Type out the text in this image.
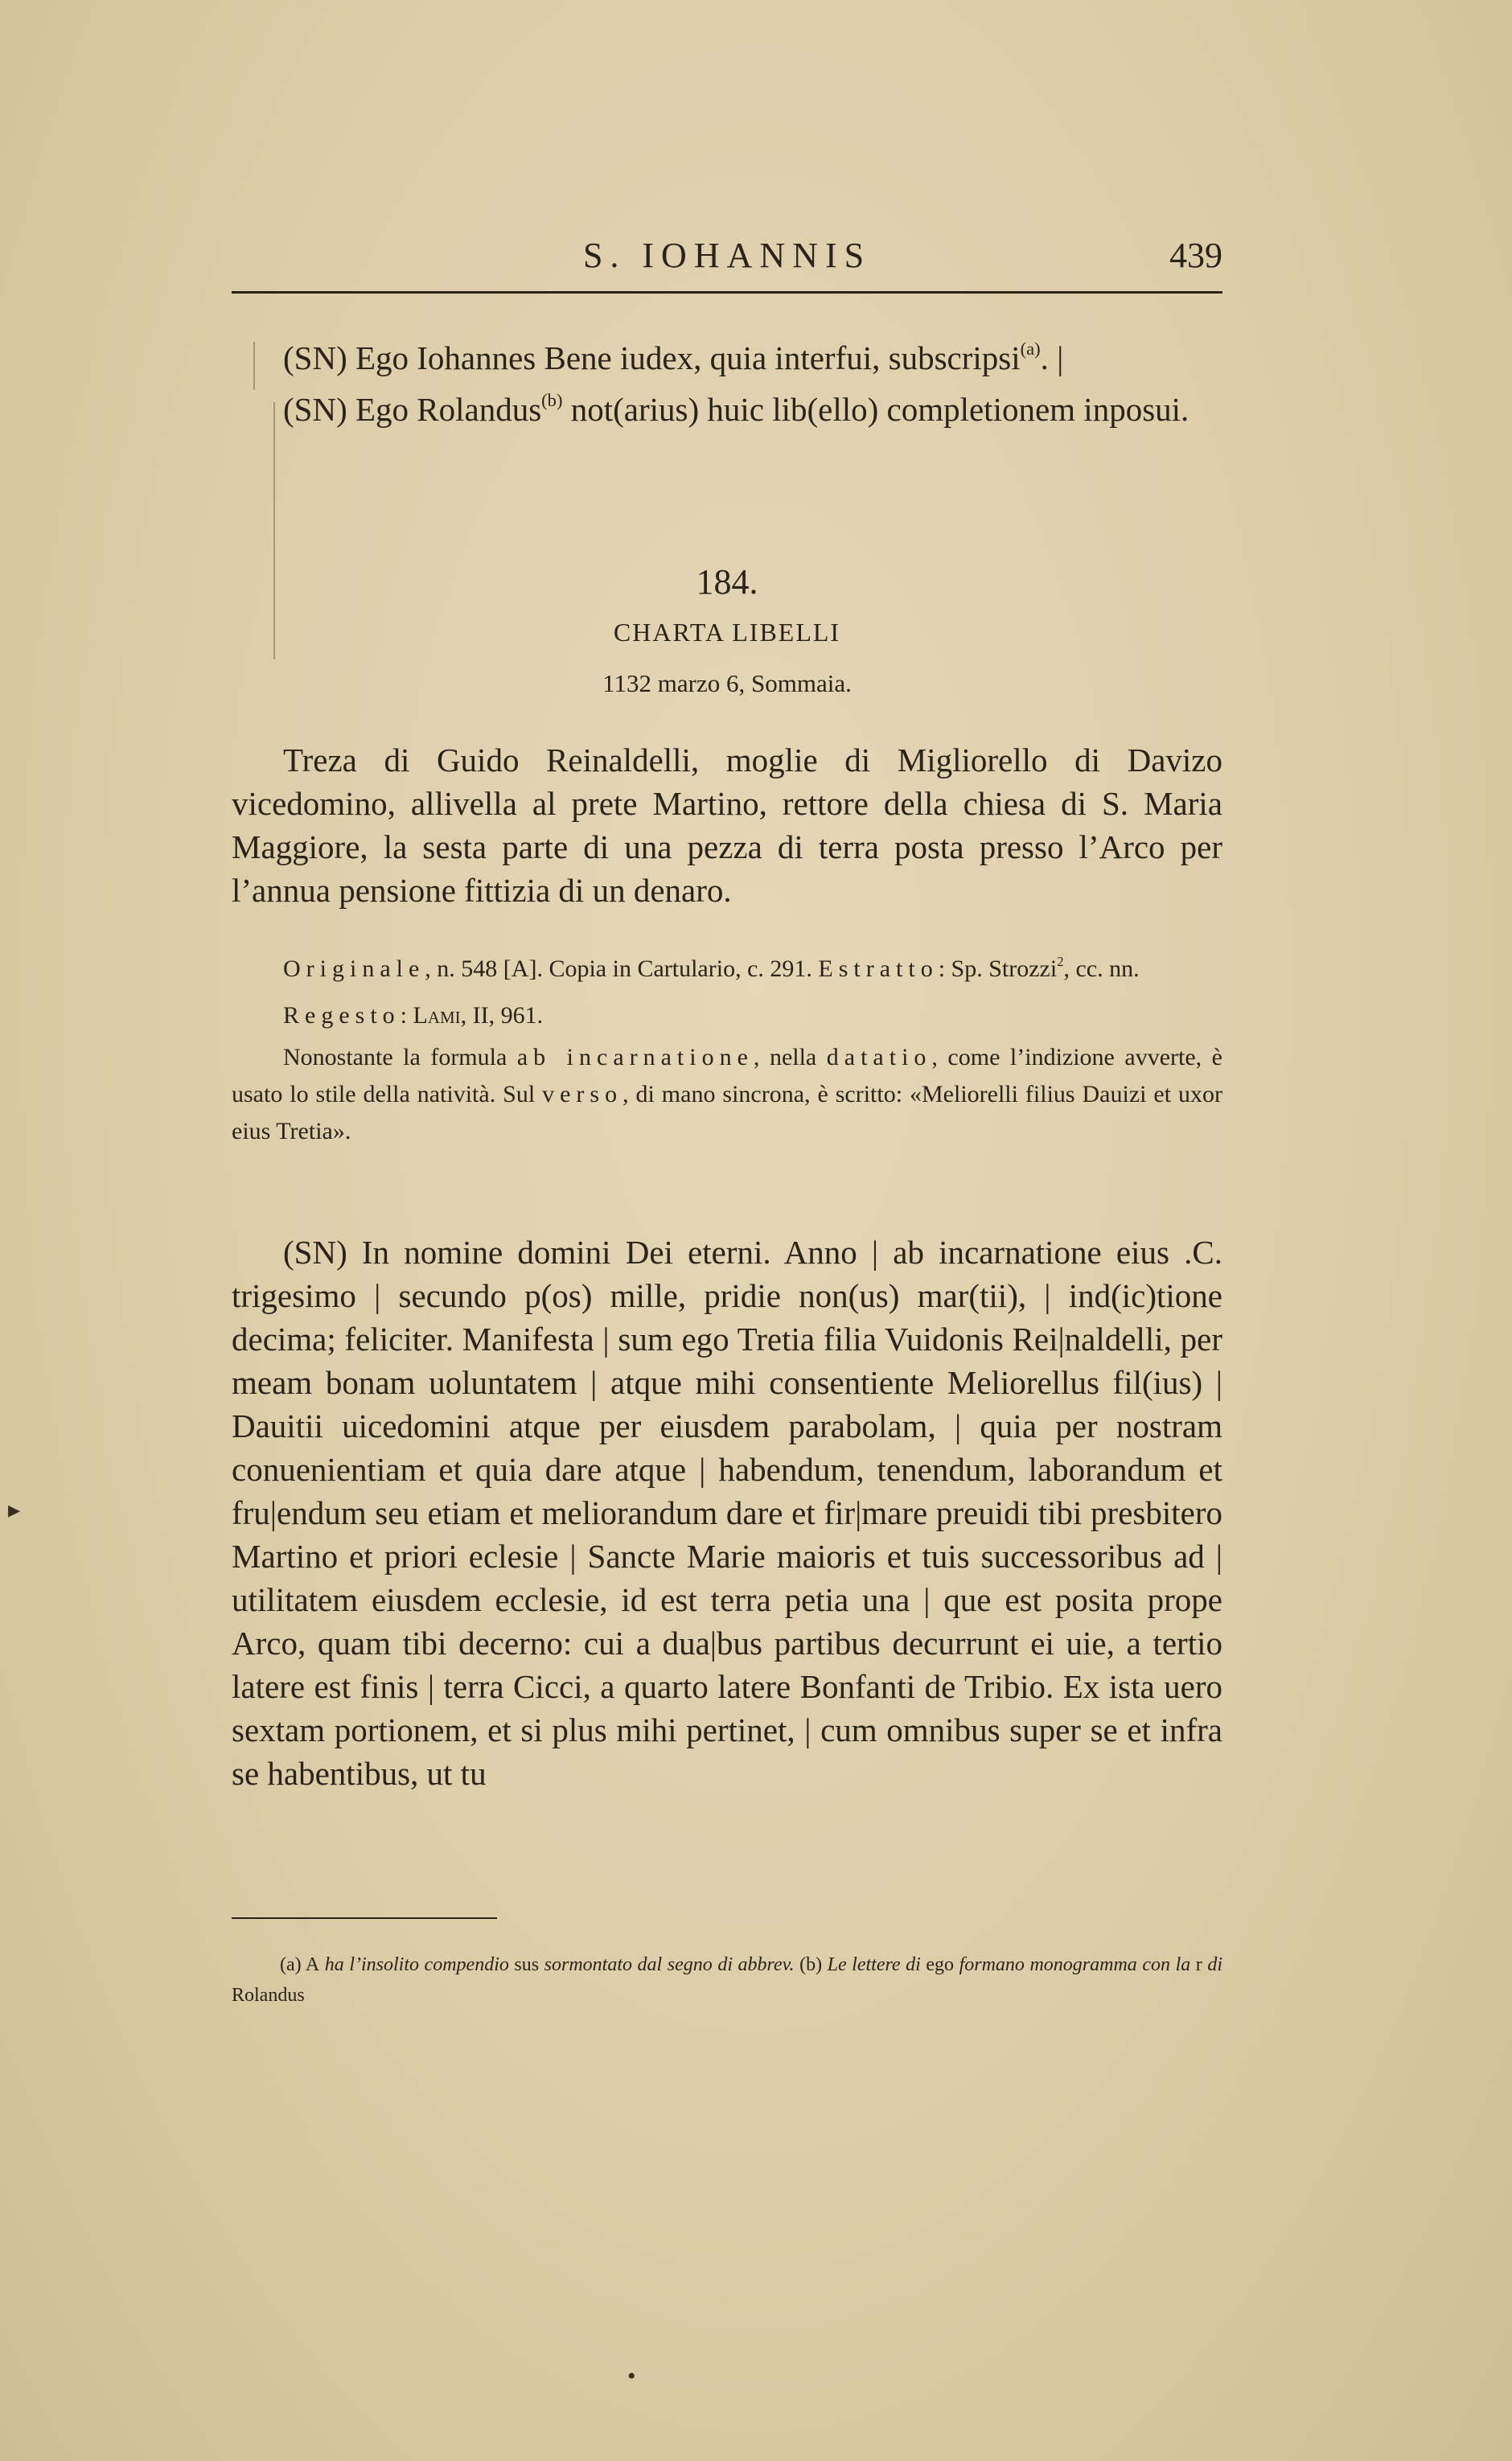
S. IOHANNIS	439

(SN) Ego Iohannes Bene iudex, quia interfui, subscripsi$^{(a)}$. |

(SN) Ego Rolandus$^{(b)}$ not(arius) huic lib(ello) completionem inposui.

184.
CHARTA LIBELLI
1132 marzo 6, Sommaia.

Treza di Guido Reinaldelli, moglie di Migliorello di Davizo vicedomino, allivella al prete Martino, rettore della chiesa di S. Maria Maggiore, la sesta parte di una pezza di terra posta presso l’Arco per l’annua pensione fittizia di un denaro.

Originale, n. 548 [A]. Copia in Cartulario, c. 291. Estratto: Sp. Strozzi$^2$, cc. nn.

Regesto: Lami, II, 961.

Nonostante la formula ab incarnatione, nella datatio, come l’indizione avverte, è usato lo stile della natività. Sul verso, di mano sincrona, è scritto: «Meliorelli filius Dauizi et uxor eius Tretia».

(SN) In nomine domini Dei eterni. Anno | ab incarnatione eius .C. trigesimo | secundo p(os) mille, pridie non(us) mar(tii), | ind(ic)tione decima; feliciter. Manifesta | sum ego Tretia filia Vuidonis Rei|naldelli, per meam bonam uoluntatem | atque mihi consentiente Meliorellus fil(ius) | Dauitii uicedomini atque per eiusdem parabolam, | quia per nostram conuenientiam et quia dare atque | habendum, tenendum, laborandum et fru|endum seu etiam et meliorandum dare et fir|mare preuidi tibi presbitero Martino et priori eclesie | Sancte Marie maioris et tuis successoribus ad | utilitatem eiusdem ecclesie, id est terra petia una | que est posita prope Arco, quam tibi decerno: cui a dua|bus partibus decurrunt ei uie, a tertio latere est finis | terra Cicci, a quarto latere Bonfanti de Tribio. Ex ista uero sextam portionem, et si plus mihi pertinet, | cum omnibus super se et infra se habentibus, ut tu

(a) A ha l’insolito compendio sus sormontato dal segno di abbrev. (b) Le lettere di ego formano monogramma con la r di Rolandus

▸
•
